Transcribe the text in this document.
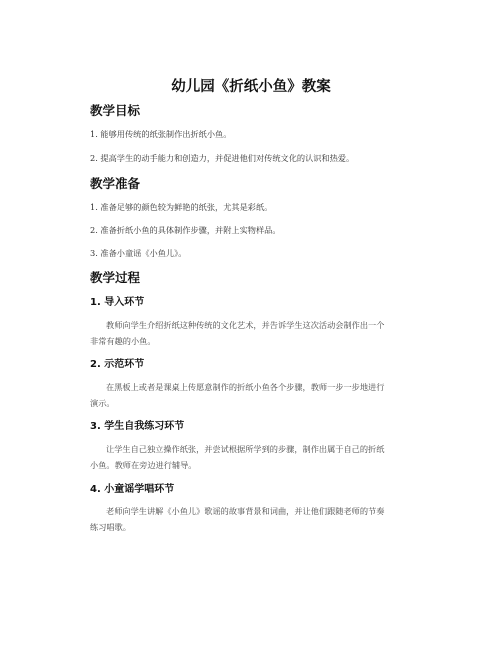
幼儿园《折纸小鱼》教案
教学目标
1. 能够用传统的纸张制作出折纸小鱼。
2. 提高学生的动手能力和创造力，并促进他们对传统文化的认识和热爱。
教学准备
1. 准备足够的颜色较为鲜艳的纸张，尤其是彩纸。
2. 准备折纸小鱼的具体制作步骤，并附上实物样品。
3. 准备小童谣《小鱼儿》。
教学过程
1. 导入环节
教师向学生介绍折纸这种传统的文化艺术，并告诉学生这次活动会制作出一个
非常有趣的小鱼。
2. 示范环节
在黑板上或者是课桌上传愿意制作的折纸小鱼各个步骤，教师一步一步地进行
演示。
3. 学生自我练习环节
让学生自己独立操作纸张，并尝试根据所学到的步骤，制作出属于自己的折纸
小鱼。教师在旁边进行辅导。
4. 小童谣学唱环节
老师向学生讲解《小鱼儿》歌谣的故事背景和词曲，并让他们跟随老师的节奏
练习唱歌。
